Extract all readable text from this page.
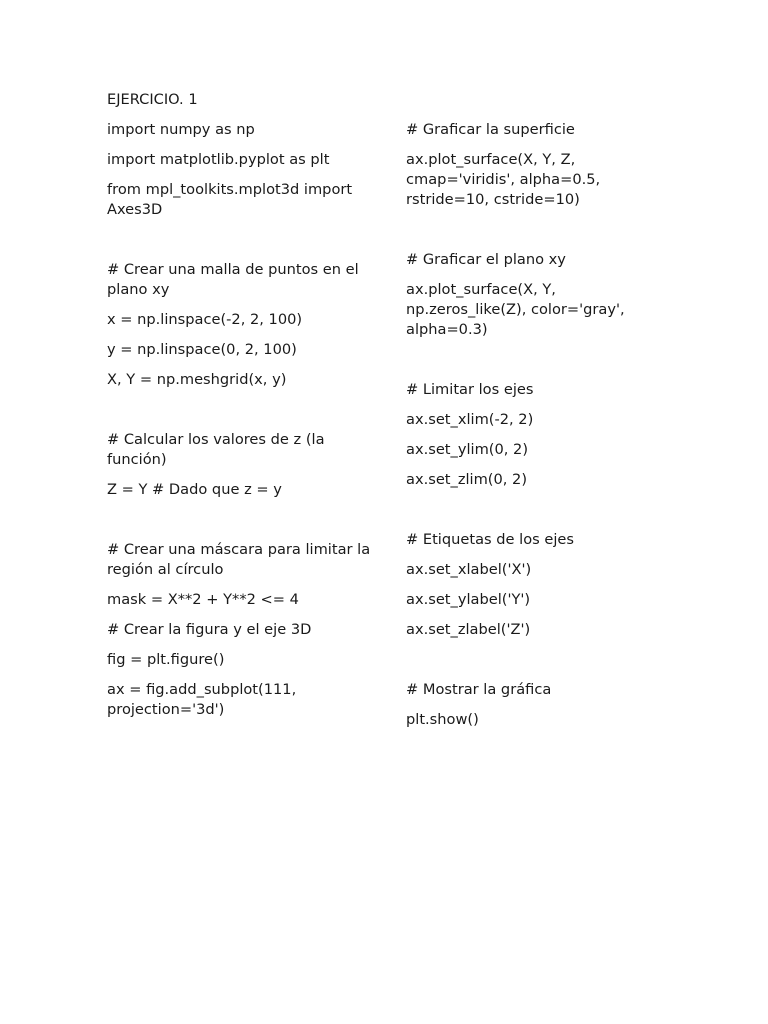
EJERCICIO. 1

import numpy as np

import matplotlib.pyplot as plt

from mpl_toolkits.mplot3d import Axes3D

# Crear una malla de puntos en el plano xy

x = np.linspace(-2, 2, 100)

y = np.linspace(0, 2, 100)

X, Y = np.meshgrid(x, y)

# Calcular los valores de z (la función)

Z = Y # Dado que z = y

# Crear una máscara para limitar la región al círculo

mask = X**2 + Y**2 <= 4

# Crear la figura y el eje 3D

fig = plt.figure()

ax = fig.add_subplot(111, projection='3d')

# Graficar la superficie

ax.plot_surface(X, Y, Z, cmap='viridis', alpha=0.5, rstride=10, cstride=10)

# Graficar el plano xy

ax.plot_surface(X, Y, np.zeros_like(Z), color='gray', alpha=0.3)

# Limitar los ejes

ax.set_xlim(-2, 2)

ax.set_ylim(0, 2)

ax.set_zlim(0, 2)

# Etiquetas de los ejes

ax.set_xlabel('X')

ax.set_ylabel('Y')

ax.set_zlabel('Z')

# Mostrar la gráfica

plt.show()
